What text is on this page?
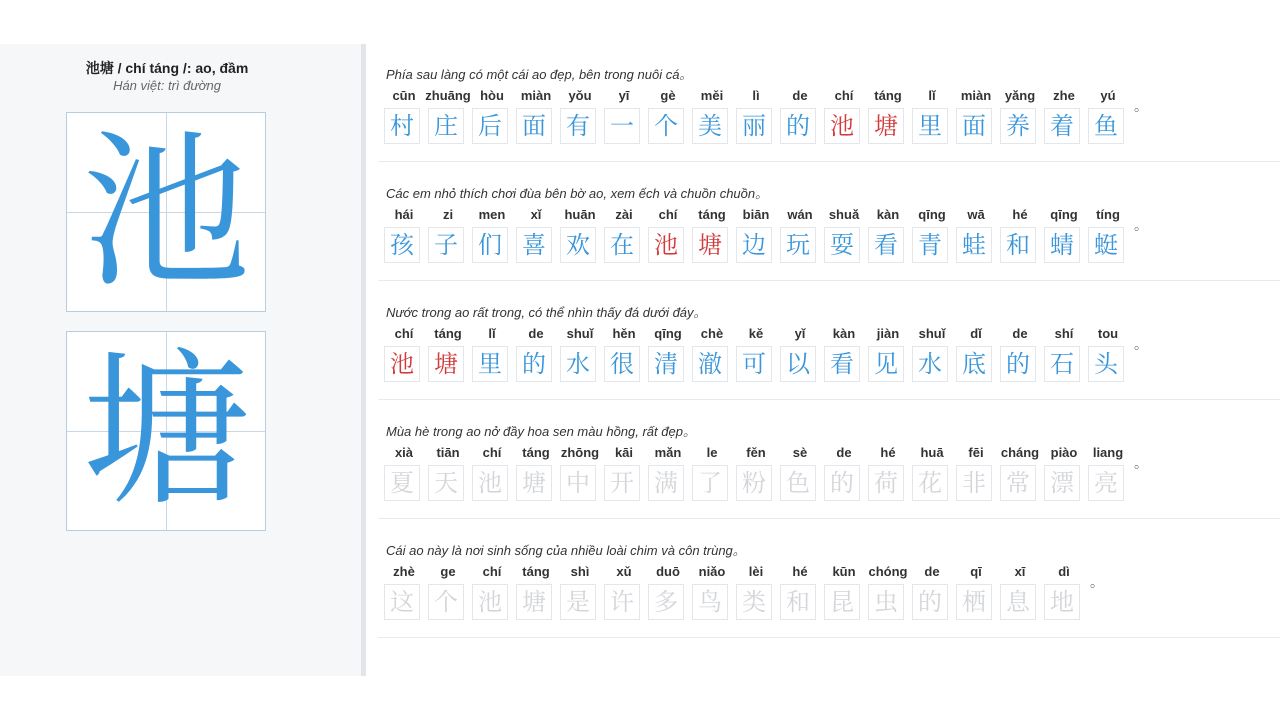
池塘 / chí táng /: ao, đầm
Hán việt: trì đường
池
塘
Phía sau làng có một cái ao đẹp, bên trong nuôi cá。
cūn
村
zhuāng
庄
hòu
后
miàn
面
yǒu
有
yī
一
gè
个
měi
美
lì
丽
de
的
chí
池
táng
塘
lǐ
里
miàn
面
yǎng
养
zhe
着
yú
鱼
。
Các em nhỏ thích chơi đùa bên bờ ao, xem ếch và chuồn chuồn。
hái
孩
zi
子
men
们
xǐ
喜
huān
欢
zài
在
chí
池
táng
塘
biān
边
wán
玩
shuǎ
耍
kàn
看
qīng
青
wā
蛙
hé
和
qīng
蜻
tíng
蜓
。
Nước trong ao rất trong, có thể nhìn thấy đá dưới đáy。
chí
池
táng
塘
lǐ
里
de
的
shuǐ
水
hěn
很
qīng
清
chè
澈
kě
可
yǐ
以
kàn
看
jiàn
见
shuǐ
水
dǐ
底
de
的
shí
石
tou
头
。
Mùa hè trong ao nở đầy hoa sen màu hồng, rất đẹp。
xià
夏
tiān
天
chí
池
táng
塘
zhōng
中
kāi
开
mǎn
满
le
了
fěn
粉
sè
色
de
的
hé
荷
huā
花
fēi
非
cháng
常
piào
漂
liang
亮
。
Cái ao này là nơi sinh sống của nhiều loài chim và côn trùng。
zhè
这
ge
个
chí
池
táng
塘
shì
是
xǔ
许
duō
多
niǎo
鸟
lèi
类
hé
和
kūn
昆
chóng
虫
de
的
qī
栖
xī
息
dì
地
。
